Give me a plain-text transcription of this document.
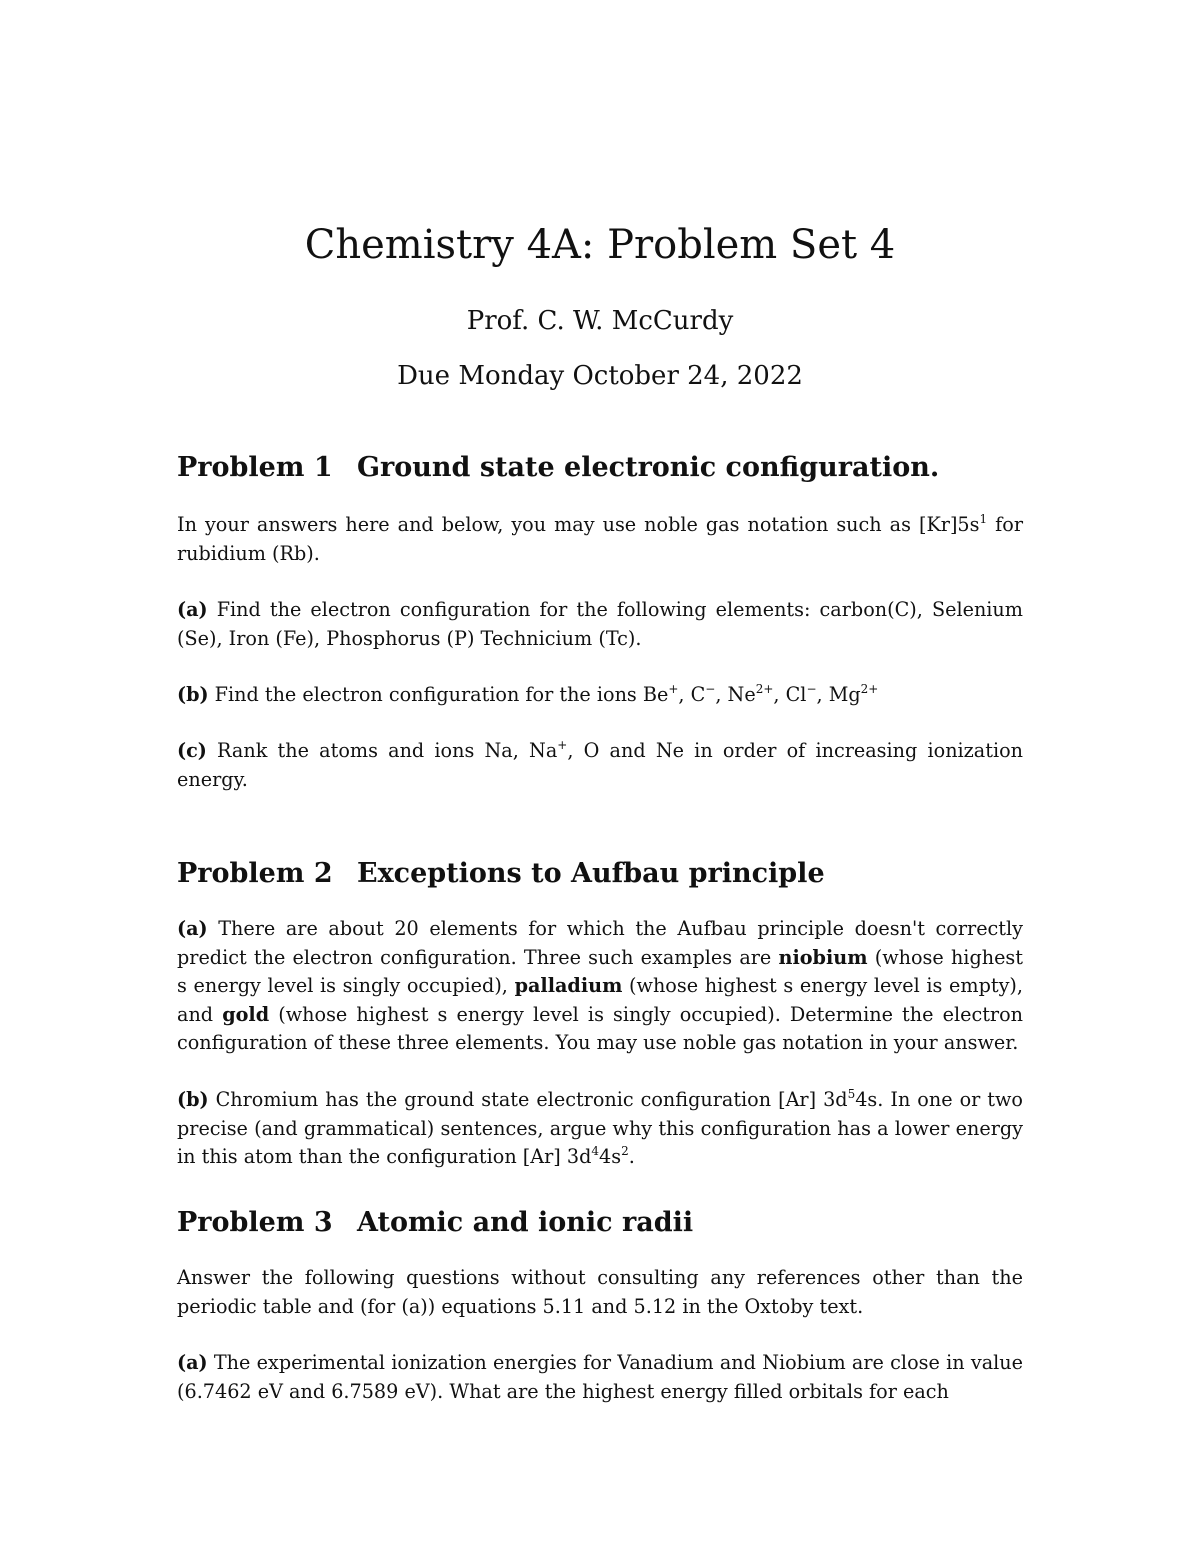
Chemistry 4A: Problem Set 4
Prof. C. W. McCurdy
Due Monday October 24, 2022
Problem 1 Ground state electronic configuration.

In your answers here and below, you may use noble gas notation such as $[Kr]5s^1$ for rubidium (Rb).

(a) Find the electron configuration for the following elements: carbon(C), Selenium (Se), Iron (Fe), Phosphorus (P) Technicium (Tc).

(b) Find the electron configuration for the ions Be+, C−, $Ne^{2+}$, Cl−, $Mg^{2+}$

(c) Rank the atoms and ions Na, Na+, O and Ne in order of increasing ionization energy.

Problem 2 Exceptions to Aufbau principle

(a) There are about 20 elements for which the Aufbau principle doesn't correctly predict the electron configuration. Three such examples are niobium (whose highest s energy level is singly occupied), palladium (whose highest s energy level is empty), and gold (whose highest s energy level is singly occupied). Determine the electron configuration of these three elements. You may use noble gas notation in your answer.

(b) Chromium has the ground state electronic configuration [Ar] $3d^54s$. In one or two precise (and grammatical) sentences, argue why this configuration has a lower energy in this atom than the configuration [Ar] $3d^44s^2$.

Problem 3 Atomic and ionic radii

Answer the following questions without consulting any references other than the periodic table and (for (a)) equations 5.11 and 5.12 in the Oxtoby text.

(a) The experimental ionization energies for Vanadium and Niobium are close in value (6.7462 eV and 6.7589 eV). What are the highest energy filled orbitals for each
